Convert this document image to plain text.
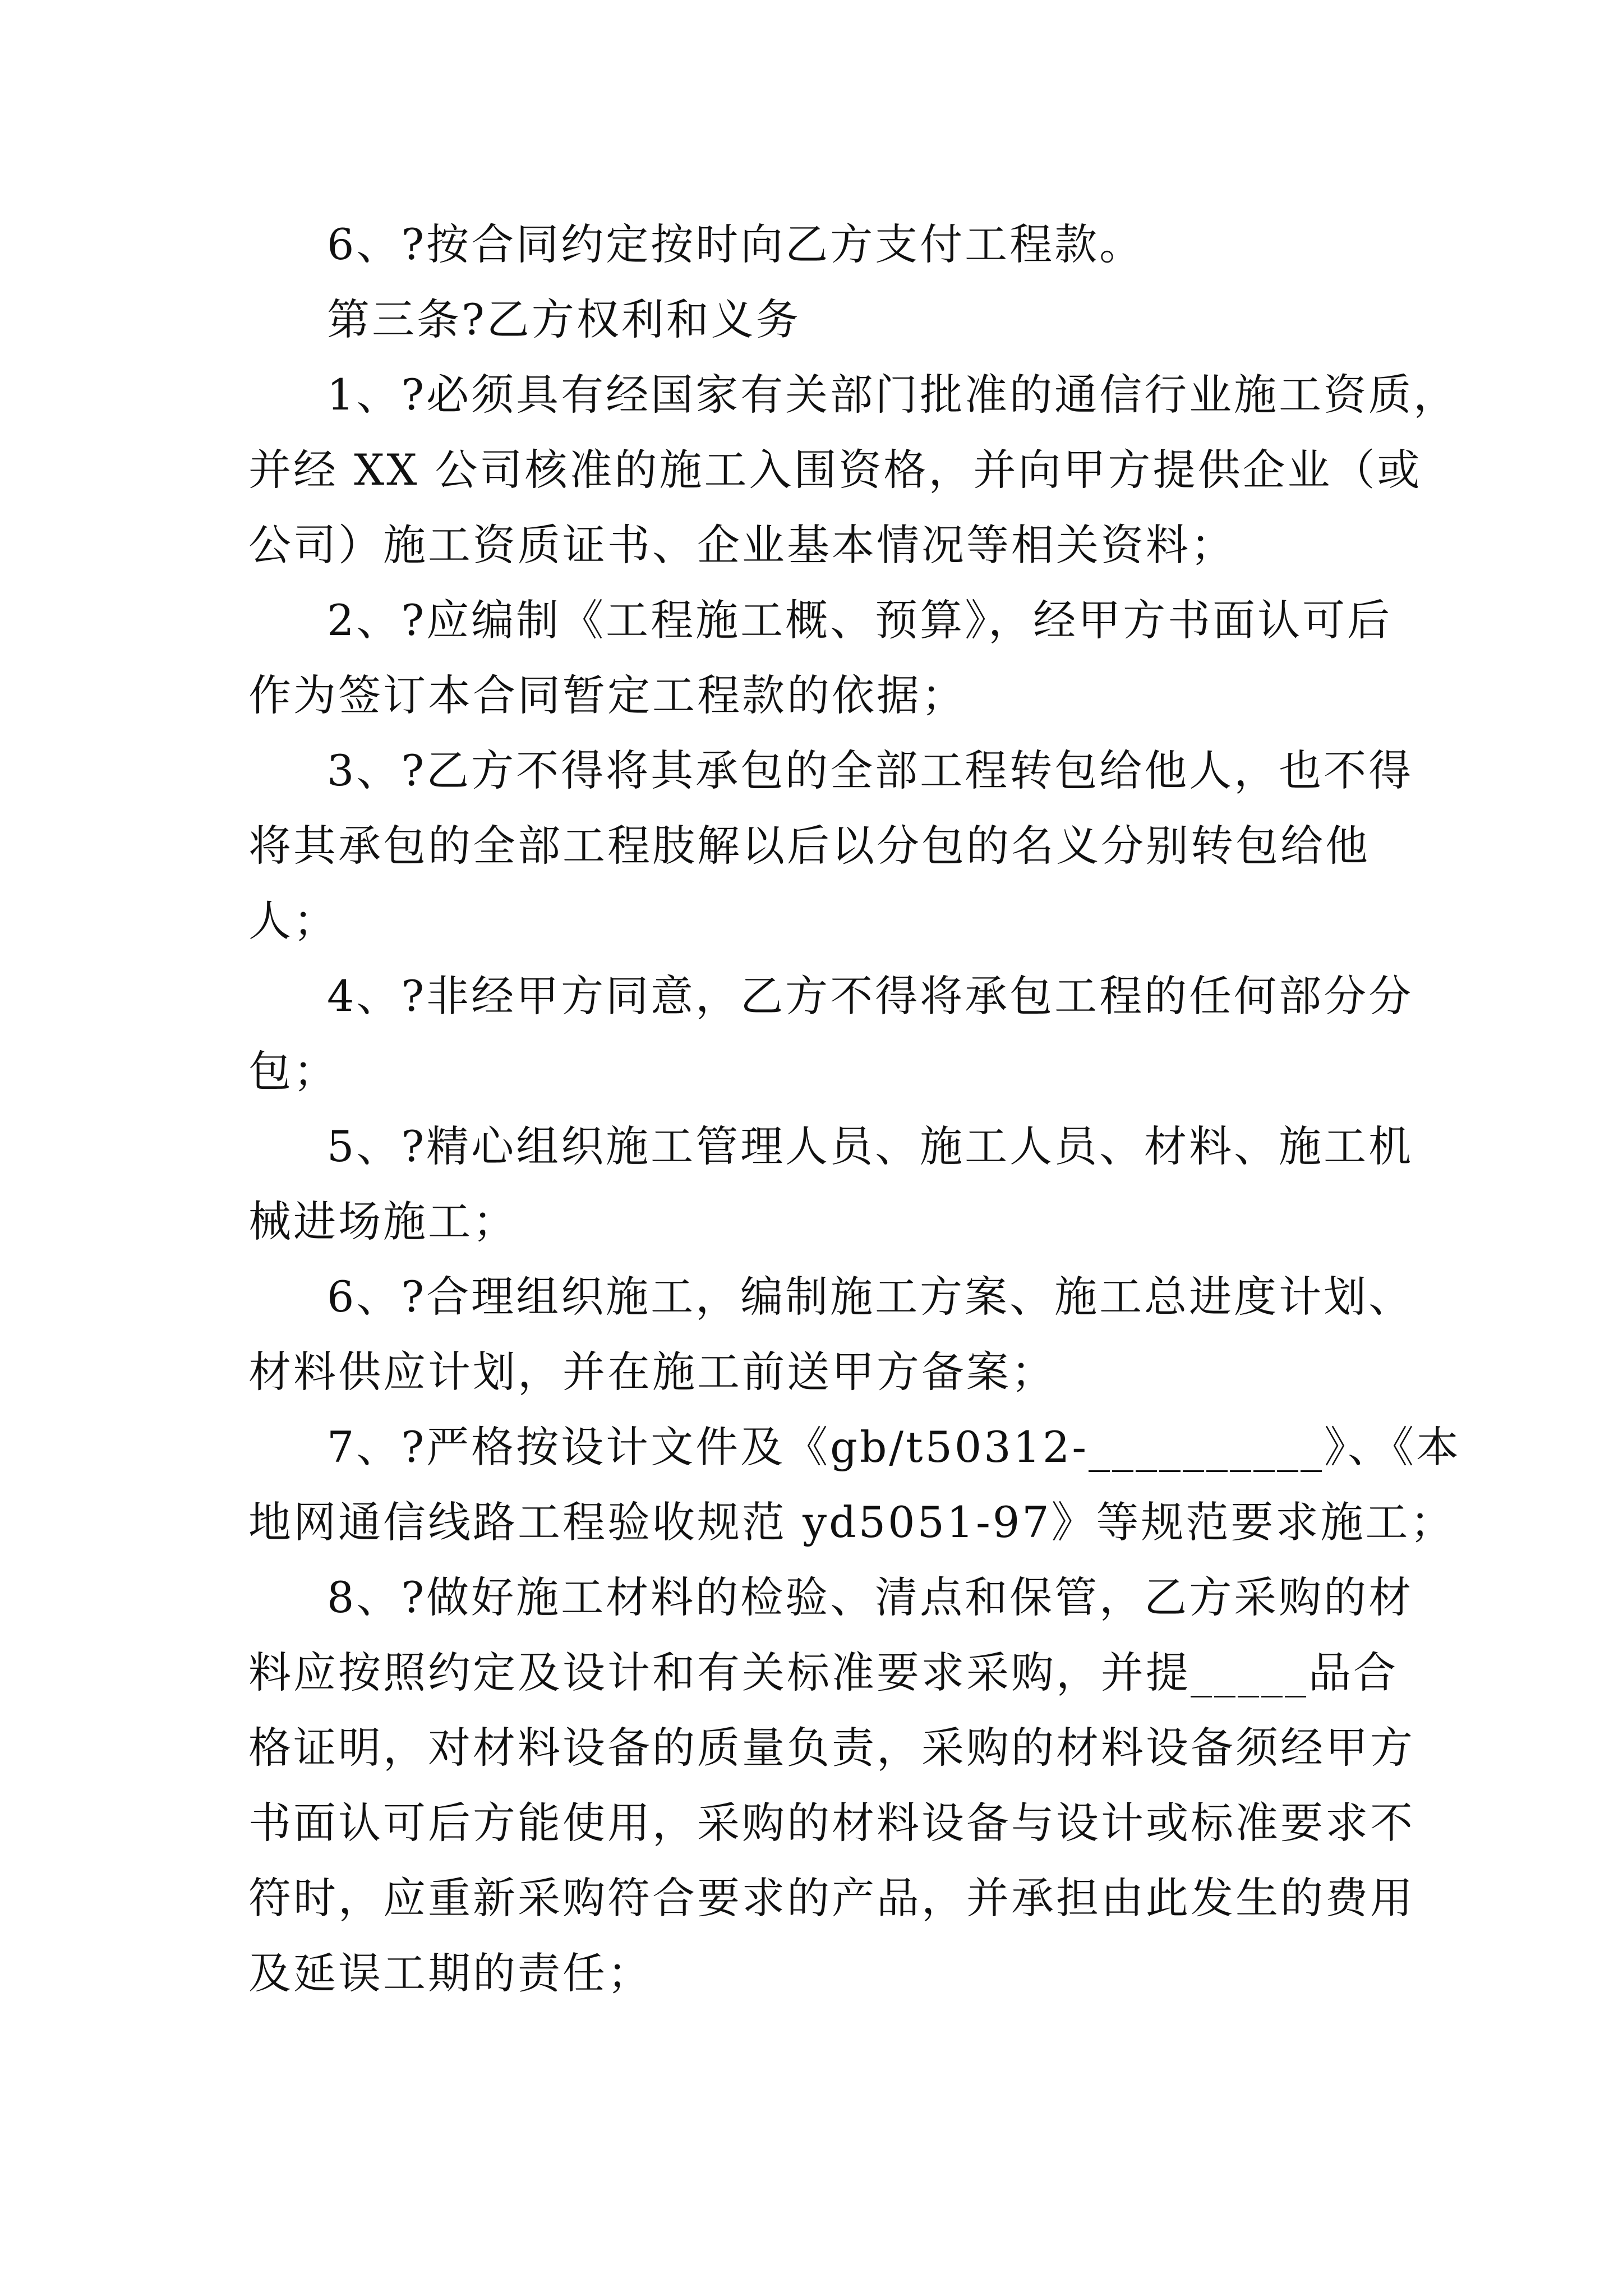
6、?按合同约定按时向乙方支付工程款。

第三条?乙方权利和义务

1、?必须具有经国家有关部门批准的通信行业施工资质，

并经 XX 公司核准的施工入围资格，并向甲方提供企业（或

公司）施工资质证书、企业基本情况等相关资料；

2、?应编制《工程施工概、预算》，经甲方书面认可后

作为签订本合同暂定工程款的依据；

3、?乙方不得将其承包的全部工程转包给他人，也不得

将其承包的全部工程肢解以后以分包的名义分别转包给他

人；

4、?非经甲方同意，乙方不得将承包工程的任何部分分

包；

5、?精心组织施工管理人员、施工人员、材料、施工机

械进场施工；

6、?合理组织施工，编制施工方案、施工总进度计划、

材料供应计划，并在施工前送甲方备案；

7、?严格按设计文件及《gb/t50312-__________》、《本

地网通信线路工程验收规范 yd5051-97》等规范要求施工；

8、?做好施工材料的检验、清点和保管，乙方采购的材

料应按照约定及设计和有关标准要求采购，并提_____品合

格证明，对材料设备的质量负责，采购的材料设备须经甲方

书面认可后方能使用，采购的材料设备与设计或标准要求不

符时，应重新采购符合要求的产品，并承担由此发生的费用

及延误工期的责任；
